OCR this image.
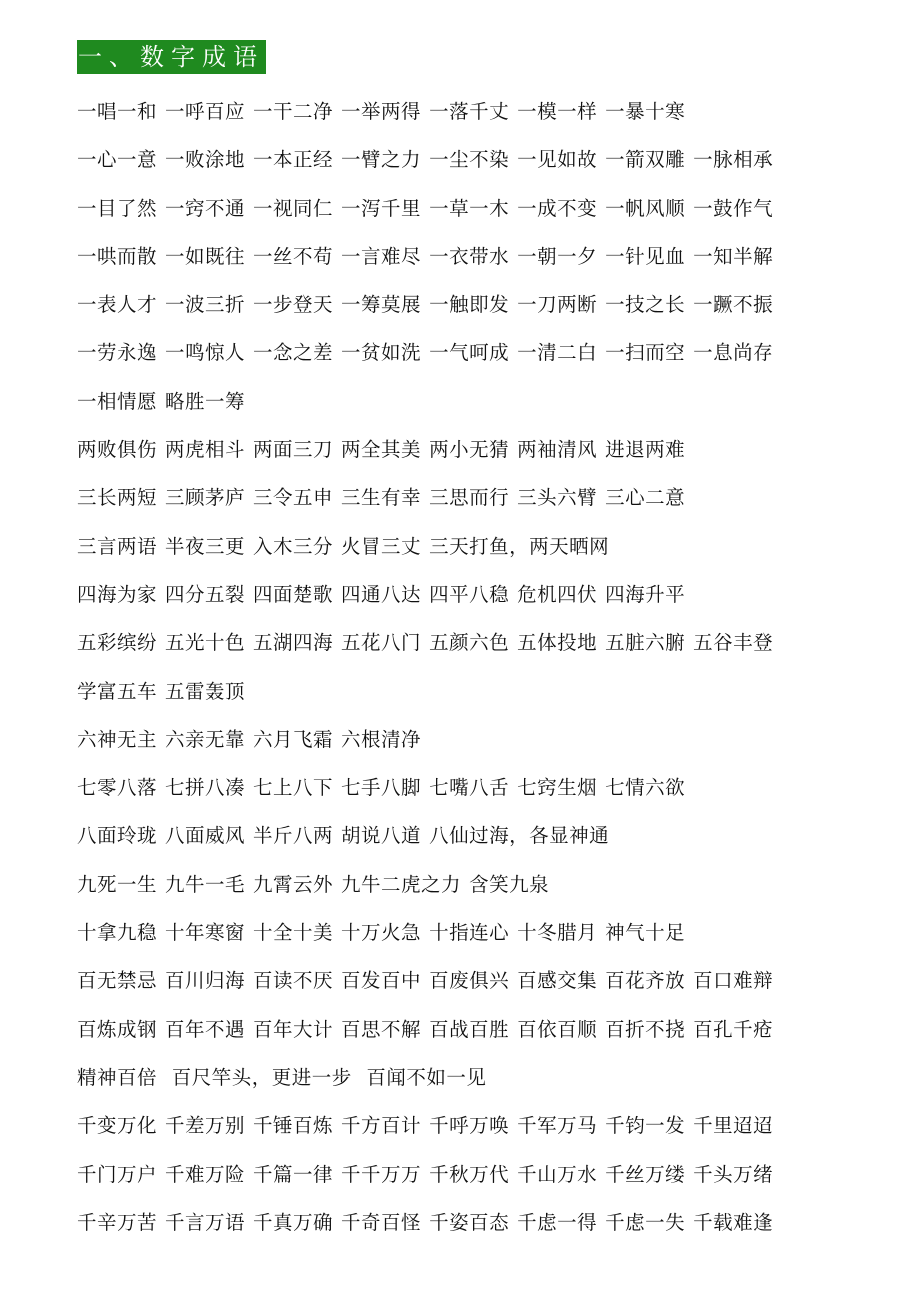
一、数字成语
一唱一和 一呼百应 一干二净 一举两得 一落千丈 一模一样 一暴十寒
一心一意 一败涂地 一本正经 一臂之力 一尘不染 一见如故 一箭双雕 一脉相承
一目了然 一窍不通 一视同仁 一泻千里 一草一木 一成不变 一帆风顺 一鼓作气
一哄而散 一如既往 一丝不苟 一言难尽 一衣带水 一朝一夕 一针见血 一知半解
一表人才 一波三折 一步登天 一筹莫展 一触即发 一刀两断 一技之长 一蹶不振
一劳永逸 一鸣惊人 一念之差 一贫如洗 一气呵成 一清二白 一扫而空 一息尚存
一相情愿 略胜一筹
两败俱伤 两虎相斗 两面三刀 两全其美 两小无猜 两袖清风 进退两难
三长两短 三顾茅庐 三令五申 三生有幸 三思而行 三头六臂 三心二意
三言两语 半夜三更 入木三分 火冒三丈 三天打鱼，两天晒网
四海为家 四分五裂 四面楚歌 四通八达 四平八稳 危机四伏 四海升平
五彩缤纷 五光十色 五湖四海 五花八门 五颜六色 五体投地 五脏六腑 五谷丰登
学富五车 五雷轰顶
六神无主 六亲无靠 六月飞霜 六根清净
七零八落 七拼八凑 七上八下 七手八脚 七嘴八舌 七窍生烟 七情六欲
八面玲珑 八面威风 半斤八两 胡说八道 八仙过海，各显神通
九死一生 九牛一毛 九霄云外 九牛二虎之力 含笑九泉
十拿九稳 十年寒窗 十全十美 十万火急 十指连心 十冬腊月 神气十足
百无禁忌 百川归海 百读不厌 百发百中 百废俱兴 百感交集 百花齐放 百口难辩
百炼成钢 百年不遇 百年大计 百思不解 百战百胜 百依百顺 百折不挠 百孔千疮
精神百倍 百尺竿头，更进一步 百闻不如一见
千变万化 千差万别 千锤百炼 千方百计 千呼万唤 千军万马 千钧一发 千里迢迢
千门万户 千难万险 千篇一律 千千万万 千秋万代 千山万水 千丝万缕 千头万绪
千辛万苦 千言万语 千真万确 千奇百怪 千姿百态 千虑一得 千虑一失 千载难逢
